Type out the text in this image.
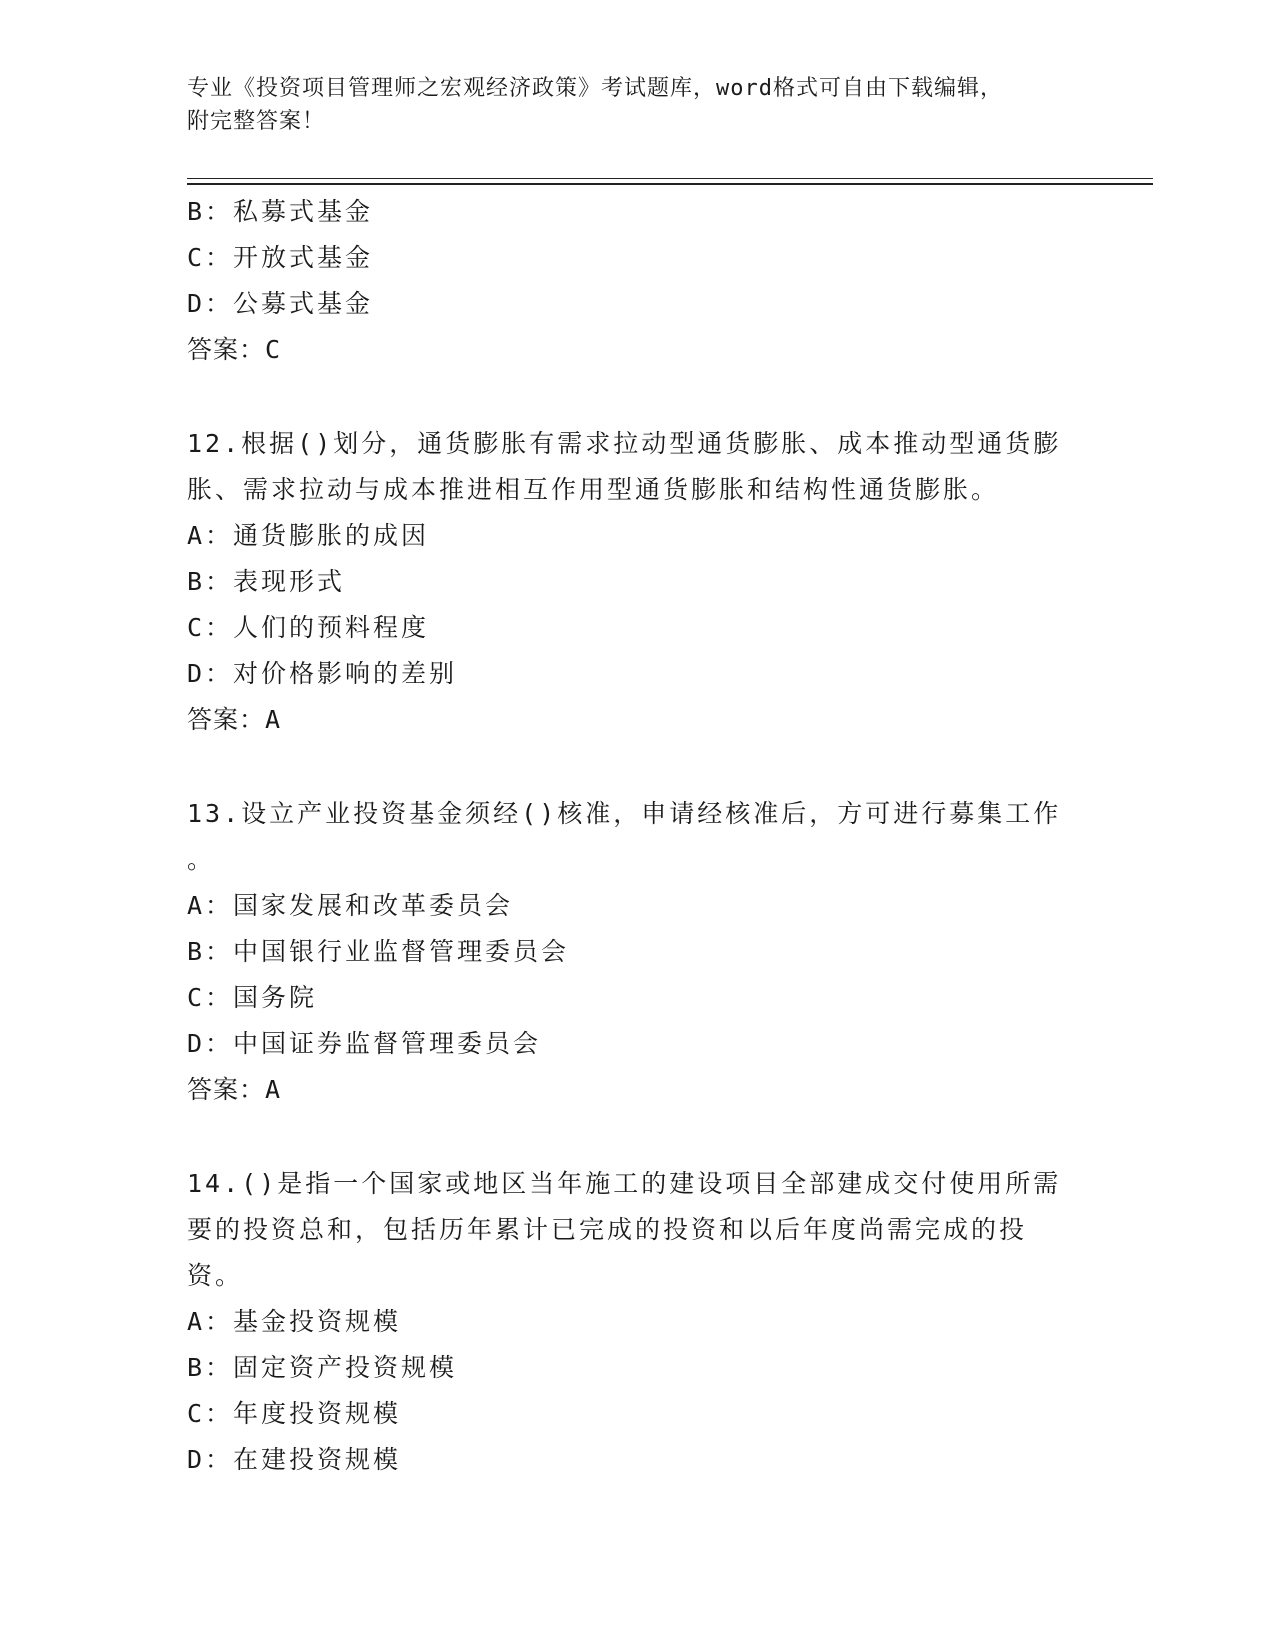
专业《投资项目管理师之宏观经济政策》考试题库，word格式可自由下载编辑，
附完整答案！
B：私募式基金
C：开放式基金
D：公募式基金
答案：C
12.根据()划分，通货膨胀有需求拉动型通货膨胀、成本推动型通货膨
胀、需求拉动与成本推进相互作用型通货膨胀和结构性通货膨胀。
A：通货膨胀的成因
B：表现形式
C：人们的预料程度
D：对价格影响的差别
答案：A
13.设立产业投资基金须经()核准，申请经核准后，方可进行募集工作
。
A：国家发展和改革委员会
B：中国银行业监督管理委员会
C：国务院
D：中国证券监督管理委员会
答案：A
14.()是指一个国家或地区当年施工的建设项目全部建成交付使用所需
要的投资总和，包括历年累计已完成的投资和以后年度尚需完成的投
资。
A：基金投资规模
B：固定资产投资规模
C：年度投资规模
D：在建投资规模
